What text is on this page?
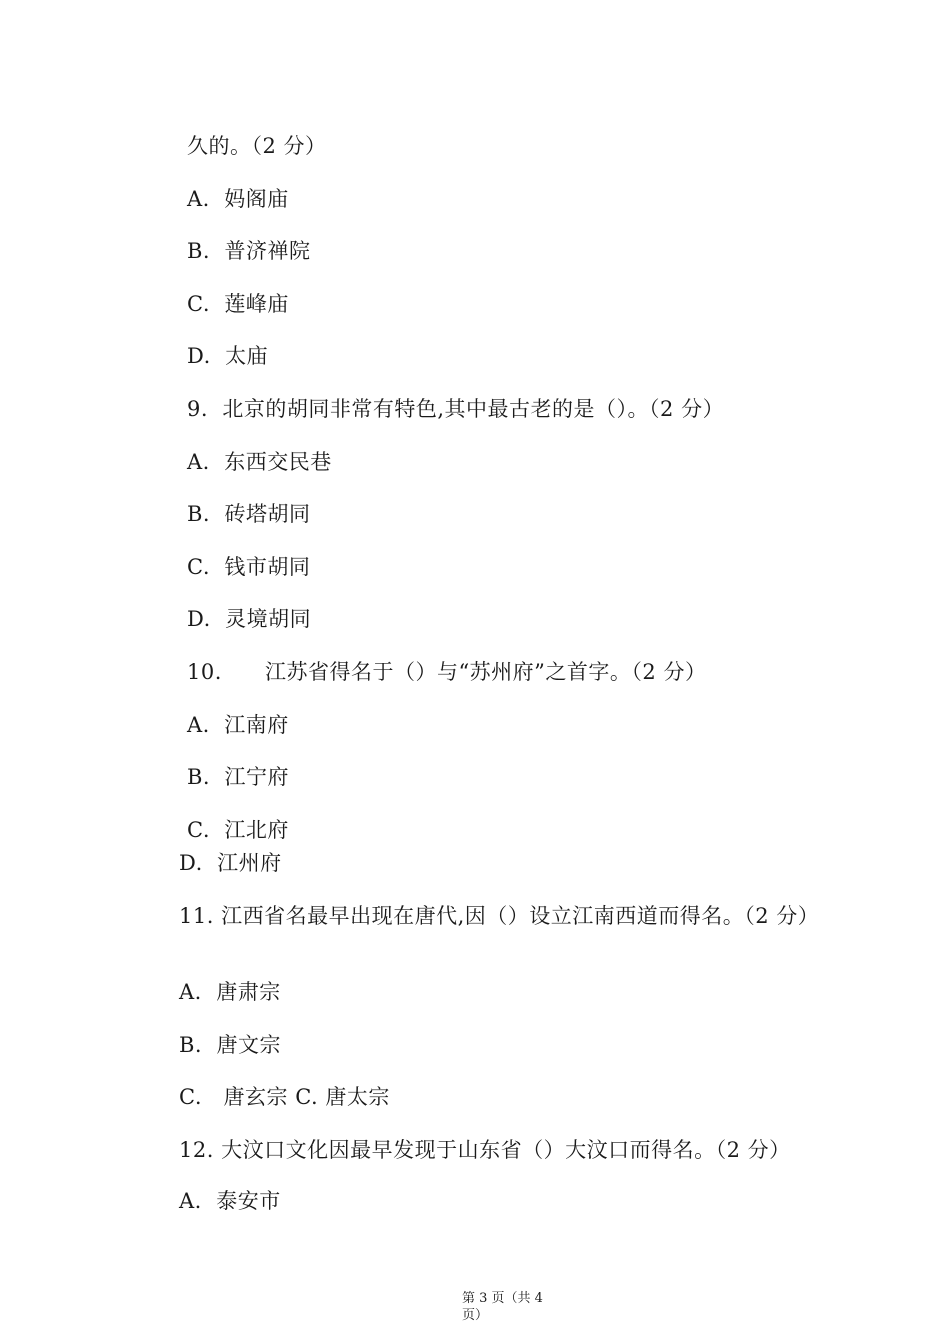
久的。（2 分）
A.  妈阁庙
B.  普济禅院
C.  莲峰庙
D.  太庙
9.  北京的胡同非常有特色,其中最古老的是（）。（2 分）
A.  东西交民巷
B.  砖塔胡同
C.  钱市胡同
D.  灵境胡同
10.      江苏省得名于（）与“苏州府”之首字。（2 分）
A.  江南府
B.  江宁府
C.  江北府
D.  江州府
11. 江西省名最早出现在唐代,因（）设立江南西道而得名。（2 分）
A.  唐肃宗
B.  唐文宗
C.   唐玄宗 C. 唐太宗
12. 大汶口文化因最早发现于山东省（）大汶口而得名。（2 分）
A.  泰安市
第 3 页（共 4 页）
